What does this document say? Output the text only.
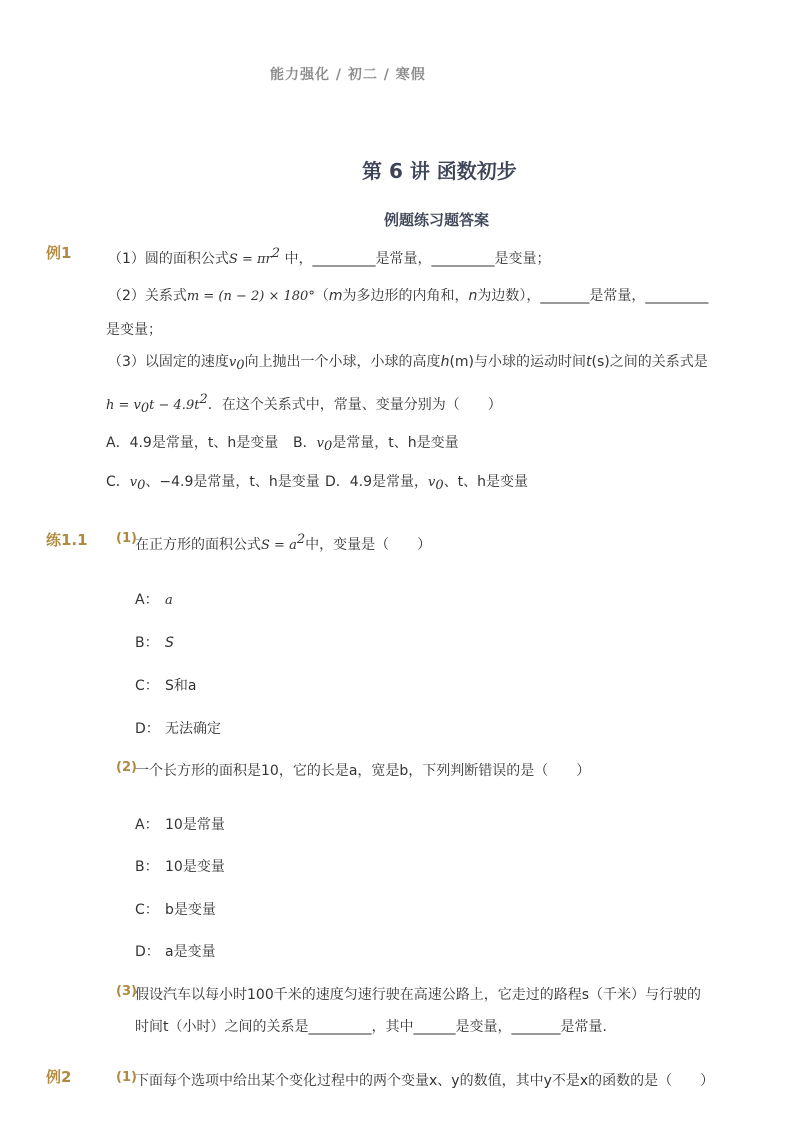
能力强化 / 初二 / 寒假
第 6 讲 函数初步
例题练习题答案
例1	（1）圆的面积公式$S = \pi r^2$ 中，_________是常量，_________是变量；
（2）关系式m = (n − 2) × 180°（m为多边形的内角和，n为边数），_______是常量，_________
是变量；
（3）以固定的速度$v_0$向上抛出一个小球，小球的高度h(m)与小球的运动时间t(s)之间的关系式是
$h = v_0t - 4.9t^2$．在这个关系式中，常量、变量分别为（　　）
A．4.9是常量，t、h是变量 B．$v_0$是常量，t、h是变量
C．$v_0$、−4.9是常量，t、h是变量 D．4.9是常量，$v_0$、t、h是变量
练1.1 (1)
在正方形的面积公式$S = a^2$中，变量是（　　）
A： a
B： S
C： S和a
D： 无法确定
(2)
一个长方形的面积是10，它的长是a，宽是b，下列判断错误的是（　　）
A： 10是常量
B： 10是变量
C： b是变量
D： a是变量
(3)
假设汽车以每小时100千米的速度匀速行驶在高速公路上，它走过的路程s（千米）与行驶的
时间t（小时）之间的关系是_________，其中______是变量，_______是常量．
例2	(1)
下面每个选项中给出某个变化过程中的两个变量x、y的数值，其中y不是x的函数的是（　　）
